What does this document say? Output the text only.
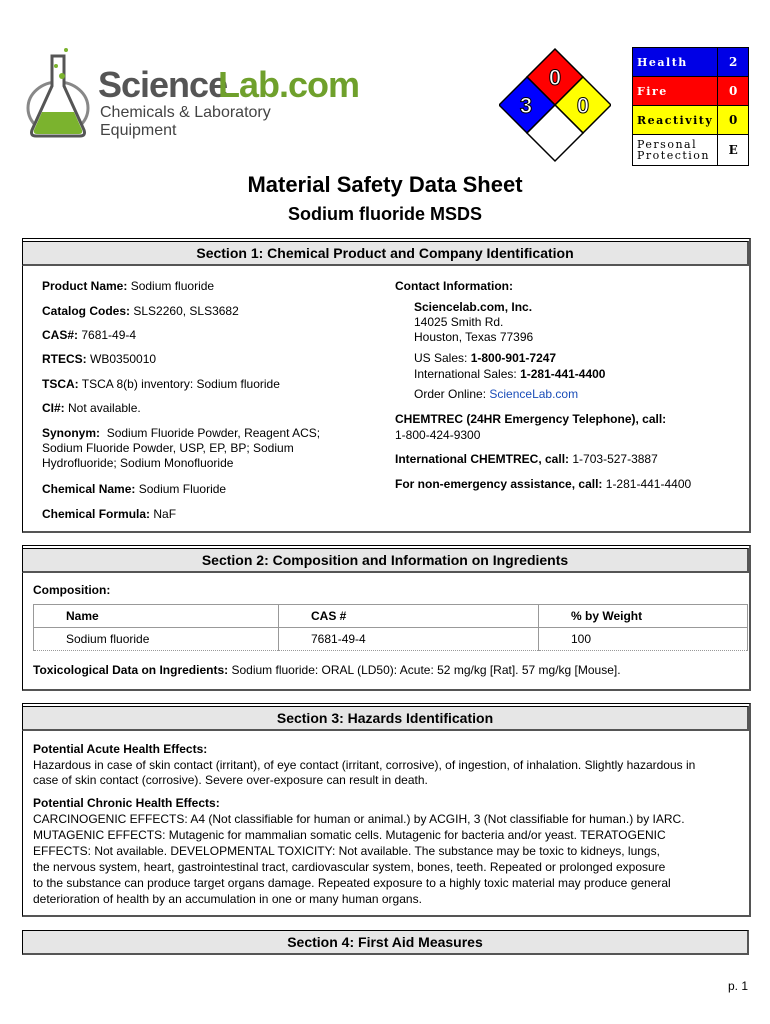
Science
Lab.com
Chemicals & Laboratory Equipment
0
3 0
Health	2
Fire	0
Reactivity	0
Personal
Protection	E
Material Safety Data Sheet
Sodium fluoride MSDS
Section 1: Chemical Product and Company Identification
Product Name: Sodium fluoride
Catalog Codes: SLS2260, SLS3682
CAS#: 7681-49-4
RTECS: WB0350010
TSCA: TSCA 8(b) inventory: Sodium fluoride
CI#: Not available.
Synonym: Sodium Fluoride Powder, Reagent ACS;
Sodium Fluoride Powder, USP, EP, BP; Sodium
Hydrofluoride; Sodium Monofluoride
Chemical Name: Sodium Fluoride
Chemical Formula: NaF
Contact Information:
Sciencelab.com, Inc.
14025 Smith Rd.
Houston, Texas 77396
US Sales: 1-800-901-7247
International Sales: 1-281-441-4400
Order Online: ScienceLab.com
CHEMTREC (24HR Emergency Telephone), call:
1-800-424-9300
International CHEMTREC, call: 1-703-527-3887
For non-emergency assistance, call: 1-281-441-4400
Section 2: Composition and Information on Ingredients
Composition:
Name	CAS #	% by Weight
Sodium fluoride	7681-49-4	100
Toxicological Data on Ingredients: Sodium fluoride: ORAL (LD50): Acute: 52 mg/kg [Rat]. 57 mg/kg [Mouse].
Section 3: Hazards Identification
Potential Acute Health Effects:
Hazardous in case of skin contact (irritant), of eye contact (irritant, corrosive), of ingestion, of inhalation. Slightly hazardous in
case of skin contact (corrosive). Severe over-exposure can result in death.
Potential Chronic Health Effects:
CARCINOGENIC EFFECTS: A4 (Not classifiable for human or animal.) by ACGIH, 3 (Not classifiable for human.) by IARC.
MUTAGENIC EFFECTS: Mutagenic for mammalian somatic cells. Mutagenic for bacteria and/or yeast. TERATOGENIC
EFFECTS: Not available. DEVELOPMENTAL TOXICITY: Not available. The substance may be toxic to kidneys, lungs,
the nervous system, heart, gastrointestinal tract, cardiovascular system, bones, teeth. Repeated or prolonged exposure
to the substance can produce target organs damage. Repeated exposure to a highly toxic material may produce general
deterioration of health by an accumulation in one or many human organs.
Section 4: First Aid Measures
p. 1
